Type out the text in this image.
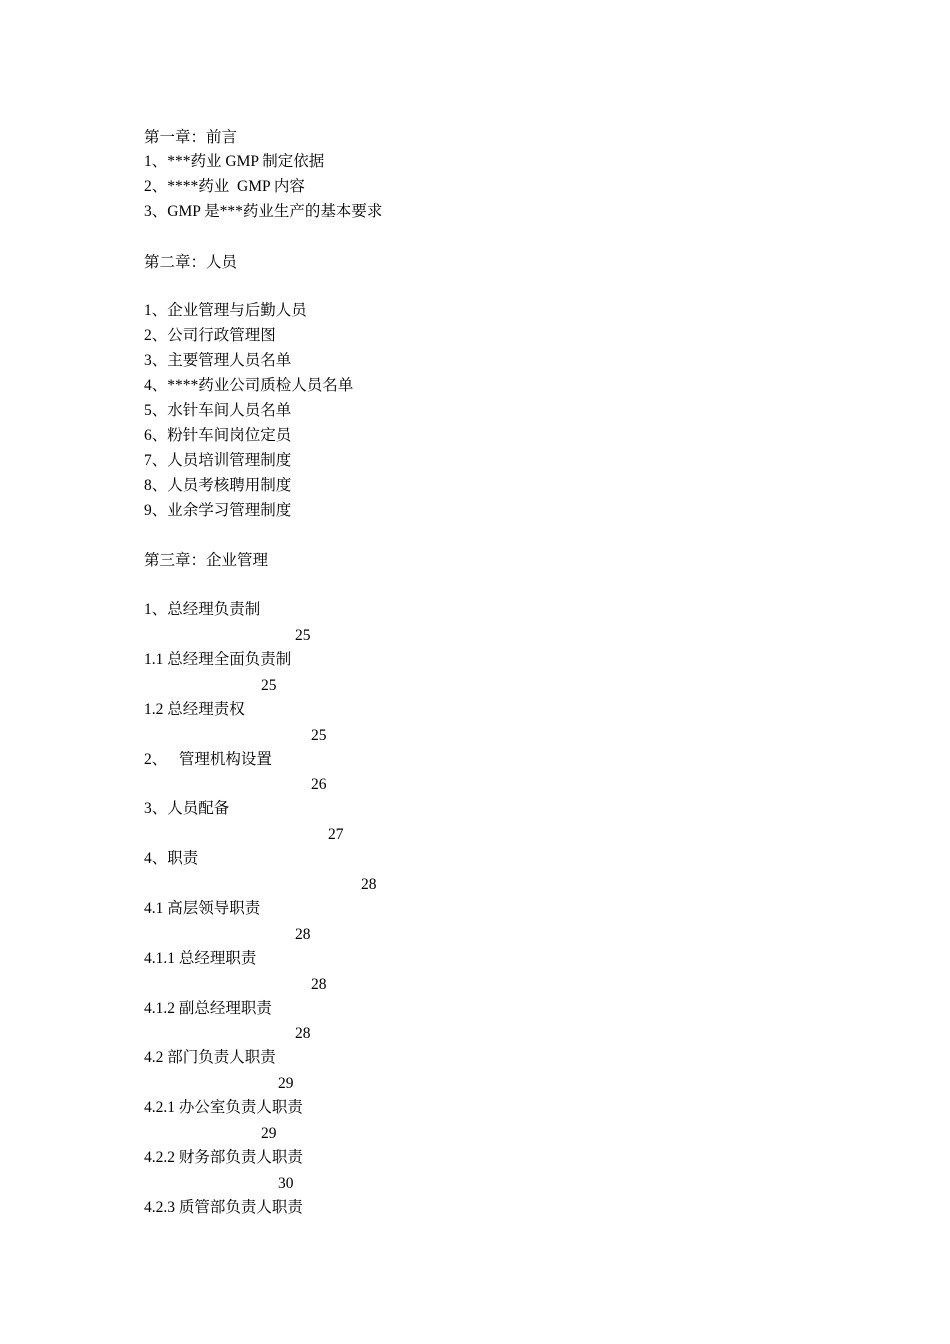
第一章：前言
1、***药业 GMP 制定依据
2、****药业  GMP 内容
3、GMP 是***药业生产的基本要求
第二章：人员
1、企业管理与后勤人员
2、公司行政管理图
3、主要管理人员名单
4、****药业公司质检人员名单
5、水针车间人员名单
6、粉针车间岗位定员
7、人员培训管理制度
8、人员考核聘用制度
9、业余学习管理制度
第三章：企业管理
1、总经理负责制
25
1.1 总经理全面负责制
25
1.2 总经理责权
25
2、   管理机构设置
26
3、人员配备
27
4、职责
28
4.1 高层领导职责
28
4.1.1 总经理职责
28
4.1.2 副总经理职责
28
4.2 部门负责人职责
29
4.2.1 办公室负责人职责
29
4.2.2 财务部负责人职责
30
4.2.3 质管部负责人职责
